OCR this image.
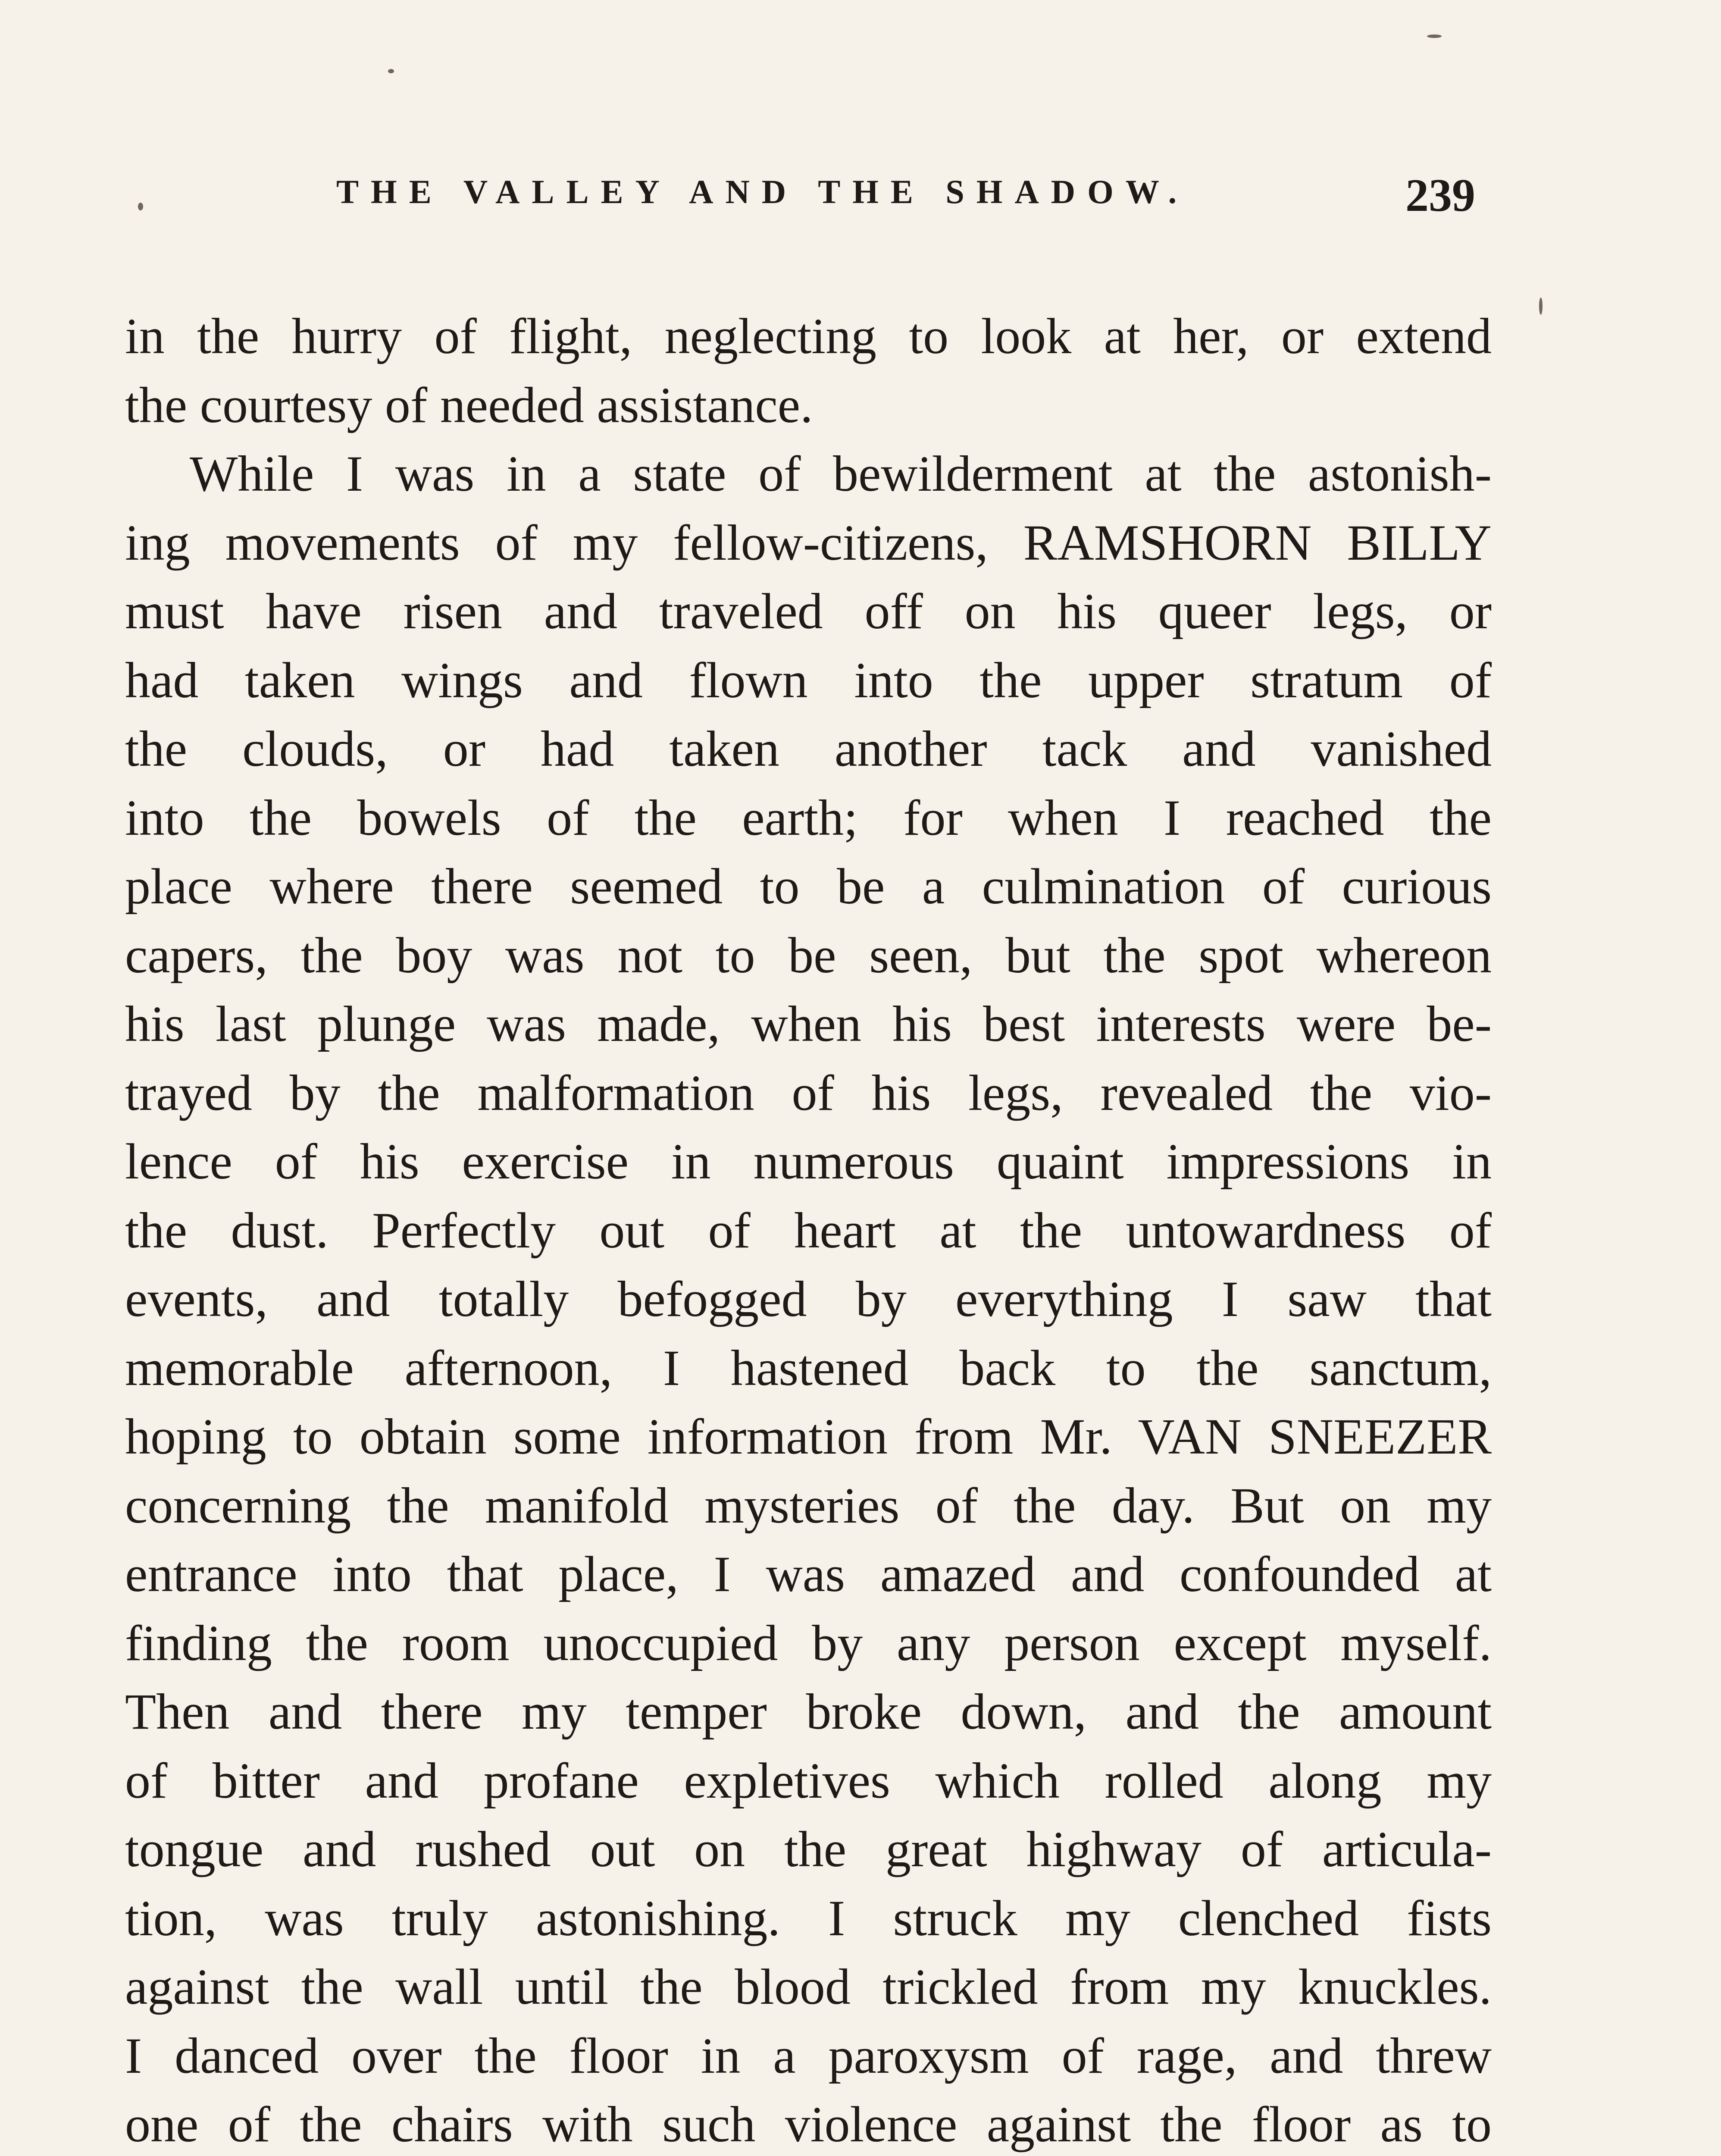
THE VALLEY AND THE SHADOW.	239
in the hurry of flight, neglecting to look at her, or extend
the courtesy of needed assistance.
While I was in a state of bewilderment at the astonish-
ing movements of my fellow-citizens, RAMSHORN BILLY
must have risen and traveled off on his queer legs, or
had taken wings and flown into the upper stratum of
the clouds, or had taken another tack and vanished
into the bowels of the earth; for when I reached the
place where there seemed to be a culmination of curious
capers, the boy was not to be seen, but the spot whereon
his last plunge was made, when his best interests were be-
trayed by the malformation of his legs, revealed the vio-
lence of his exercise in numerous quaint impressions in
the dust. Perfectly out of heart at the untowardness of
events, and totally befogged by everything I saw that
memorable afternoon, I hastened back to the sanctum,
hoping to obtain some information from Mr. VAN SNEEZER
concerning the manifold mysteries of the day. But on my
entrance into that place, I was amazed and confounded at
finding the room unoccupied by any person except myself.
Then and there my temper broke down, and the amount
of bitter and profane expletives which rolled along my
tongue and rushed out on the great highway of articula-
tion, was truly astonishing. I struck my clenched fists
against the wall until the blood trickled from my knuckles.
I danced over the floor in a paroxysm of rage, and threw
one of the chairs with such violence against the floor as to
